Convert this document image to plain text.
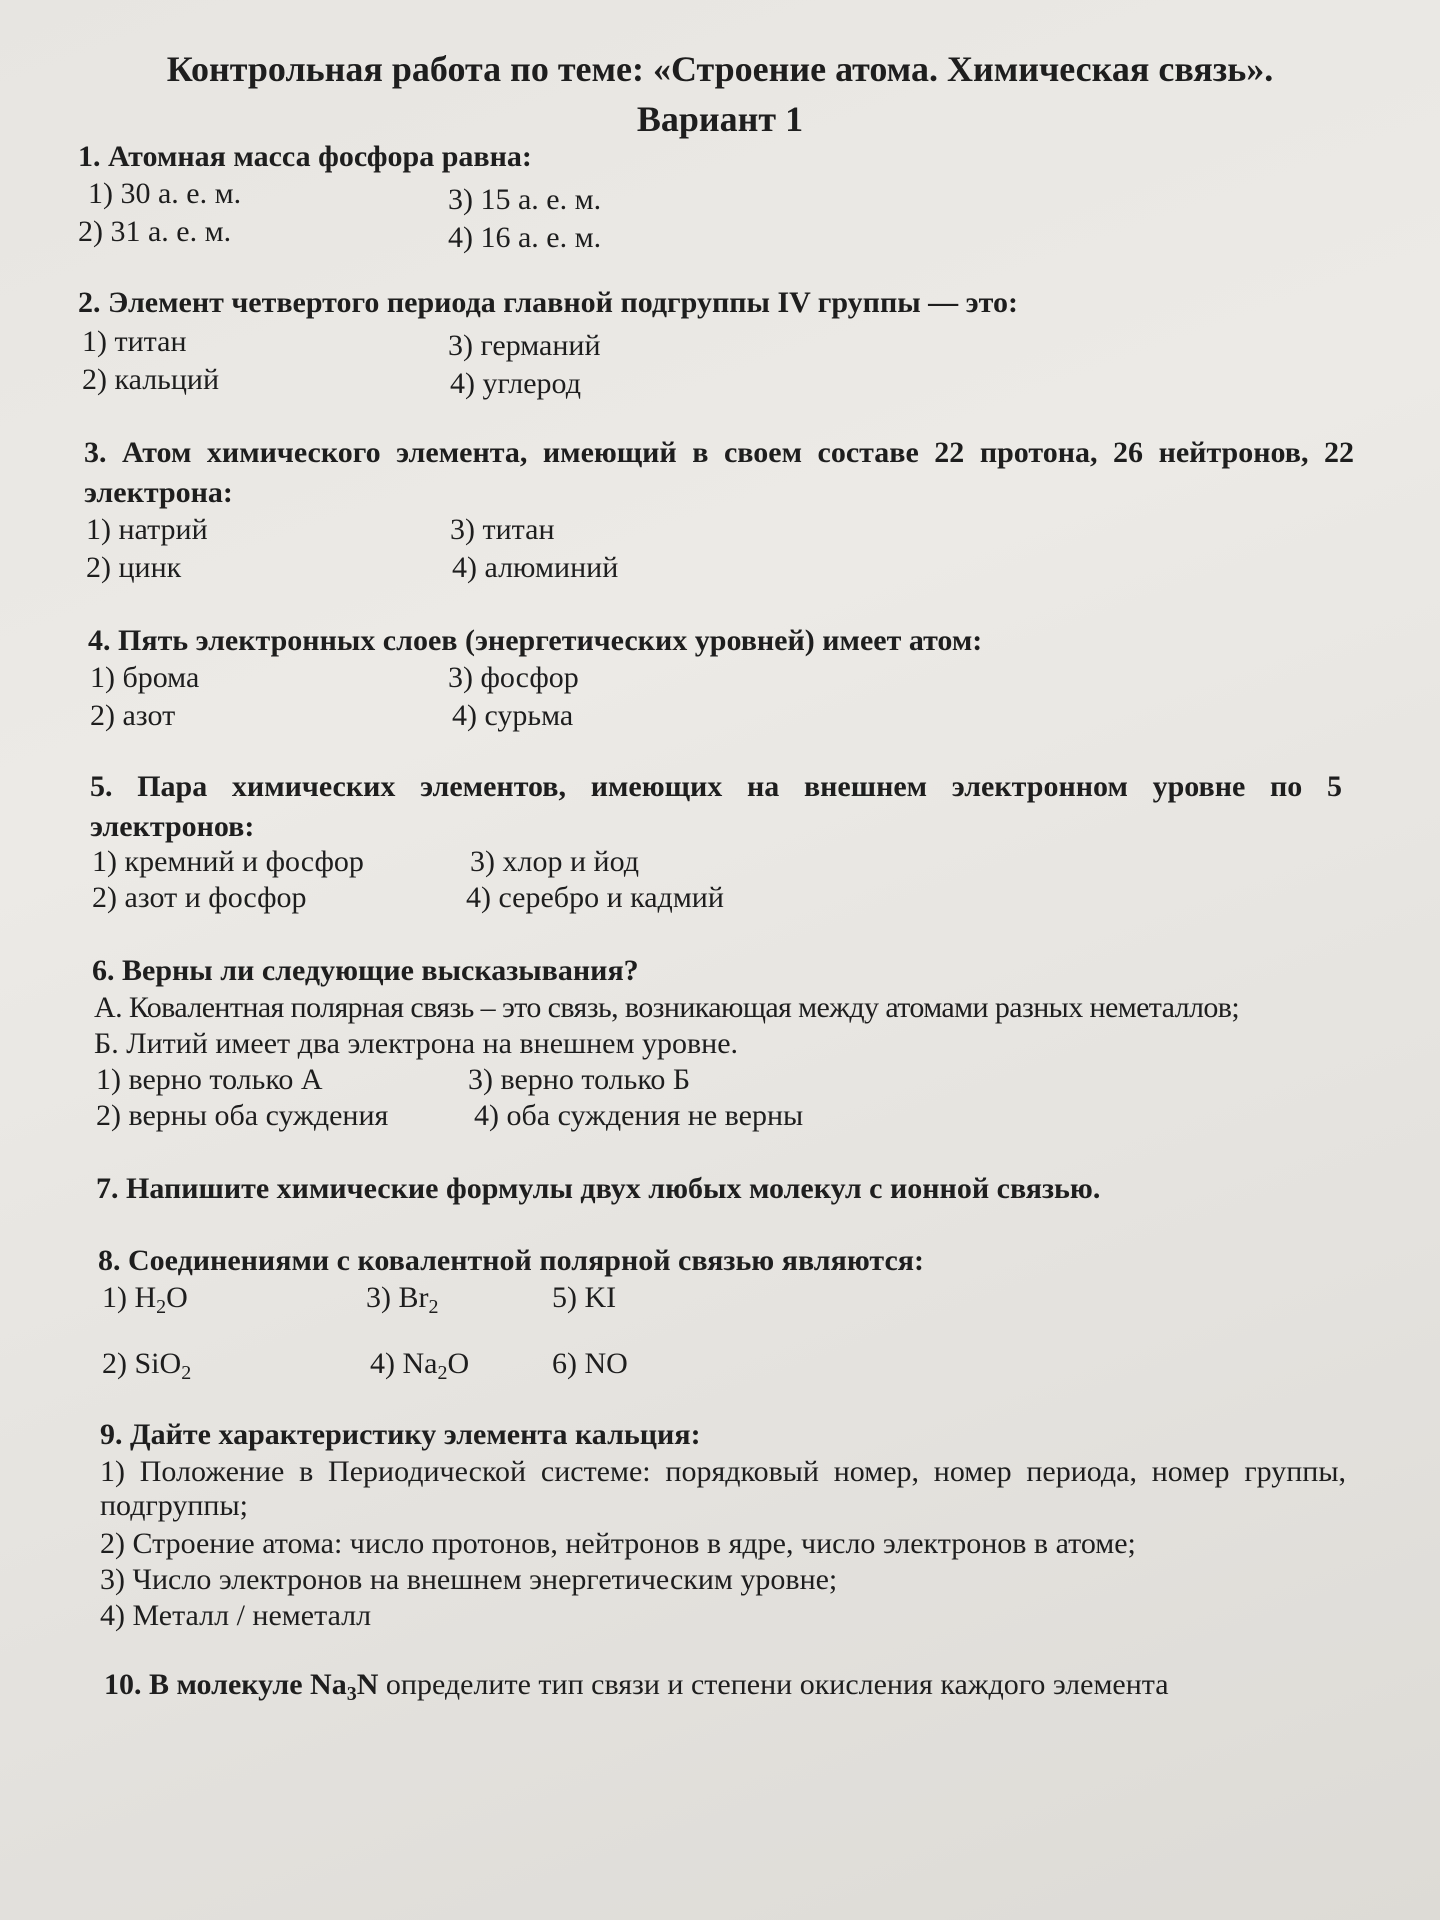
Контрольная работа по теме: «Строение атома. Химическая связь».
Вариант 1
1. Атомная масса фосфора равна:
1) 30 а. е. м.
2) 31 а. е. м.
3) 15 а. е. м.
4) 16 а. е. м.
2. Элемент четвертого периода главной подгруппы IV группы — это:
1) титан
2) кальций
3) германий
4) углерод
3. Атом химического элемента, имеющий в своем составе 22 протона, 26 нейтронов, 22
электрона:
1) натрий
2) цинк
3) титан
4) алюминий
4. Пять электронных слоев (энергетических уровней) имеет атом:
1) брома
2) азот
3) фосфор
4) сурьма
5. Пара химических элементов, имеющих на внешнем электронном уровне по 5
электронов:
1) кремний и фосфор
2) азот и фосфор
3) хлор и йод
4) серебро и кадмий
6. Верны ли следующие высказывания?
А. Ковалентная полярная связь – это связь, возникающая между атомами разных неметаллов;
Б. Литий имеет два электрона на внешнем уровне.
1) верно только А
2) верны оба суждения
3) верно только Б
4) оба суждения не верны
7. Напишите химические формулы двух любых молекул с ионной связью.
8. Соединениями с ковалентной полярной связью являются:
1) $H_2O$	3) $Br_2$	5) KI
2) SiO$_2$	4) $Na_2O$	6) NO
9. Дайте характеристику элемента кальция:
1) Положение в Периодической системе: порядковый номер, номер периода, номер группы,
подгруппы;
2) Строение атома: число протонов, нейтронов в ядре, число электронов в атоме;
3) Число электронов на внешнем энергетическим уровне;
4) Металл / неметалл
10. В молекуле $Na_3N$ определите тип связи и степени окисления каждого элемента
